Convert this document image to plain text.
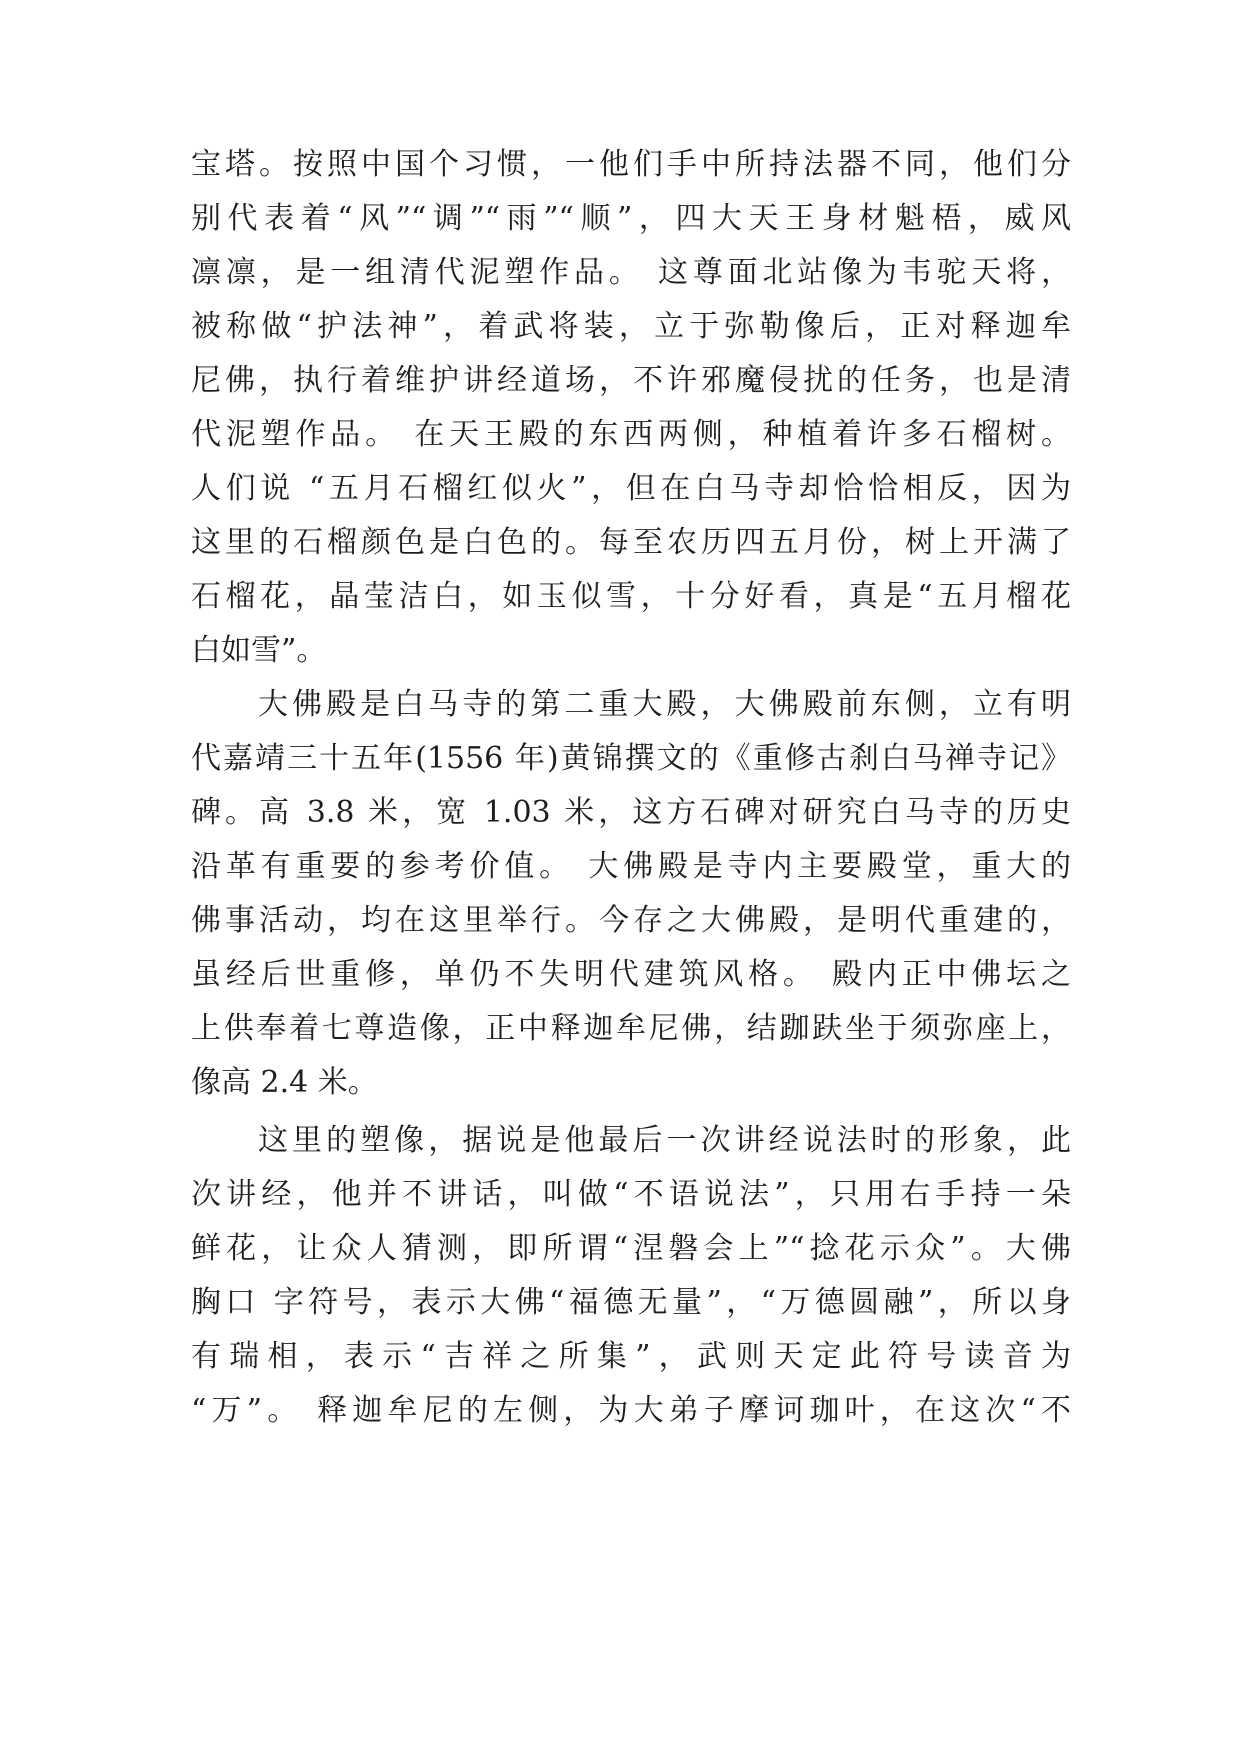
宝塔。按照中国个习惯，一他们手中所持法器不同，他们分
别代表着“风”“调”“雨”“顺”，四大天王身材魁梧，威风
凛凛，是一组清代泥塑作品。 这尊面北站像为韦驼天将，
被称做“护法神”，着武将装，立于弥勒像后，正对释迦牟
尼佛，执行着维护讲经道场，不许邪魔侵扰的任务，也是清
代泥塑作品。 在天王殿的东西两侧，种植着许多石榴树。
人们说 “五月石榴红似火”，但在白马寺却恰恰相反，因为
这里的石榴颜色是白色的。每至农历四五月份，树上开满了
石榴花，晶莹洁白，如玉似雪，十分好看，真是“五月榴花
白如雪”。
大佛殿是白马寺的第二重大殿，大佛殿前东侧，立有明
代嘉靖三十五年(1556 年)黄锦撰文的《重修古刹白马禅寺记》
碑。高 3.8 米，宽 1.03 米，这方石碑对研究白马寺的历史
沿革有重要的参考价值。 大佛殿是寺内主要殿堂，重大的
佛事活动，均在这里举行。今存之大佛殿，是明代重建的，
虽经后世重修，单仍不失明代建筑风格。 殿内正中佛坛之
上供奉着七尊造像，正中释迦牟尼佛，结跏趺坐于须弥座上，
像高 2.4 米。
这里的塑像，据说是他最后一次讲经说法时的形象，此
次讲经，他并不讲话，叫做“不语说法”，只用右手持一朵
鲜花，让众人猜测，即所谓“涅磐会上”“捻花示众”。大佛
胸口 字符号，表示大佛“福德无量”，“万德圆融”，所以身
有瑞相，表示“吉祥之所集”，武则天定此符号读音为
“万”。 释迦牟尼的左侧，为大弟子摩诃珈叶，在这次“不
